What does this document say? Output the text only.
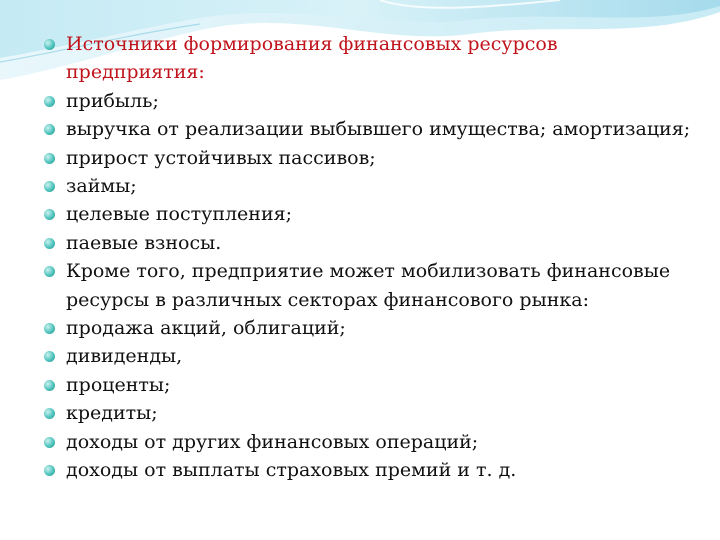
Источники формирования финансовых ресурсов предприятия:
прибыль;
выручка от реализации выбывшего имущества; амортизация;
прирост устойчивых пассивов;
займы;
целевые поступления;
паевые взносы.
Кроме того, предприятие может мобилизовать финансовые ресурсы в различных секторах финансового рынка:
продажа акций, облигаций;
дивиденды,
проценты;
кредиты;
доходы от других финансовых операций;
доходы от выплаты страховых премий и т. д.
